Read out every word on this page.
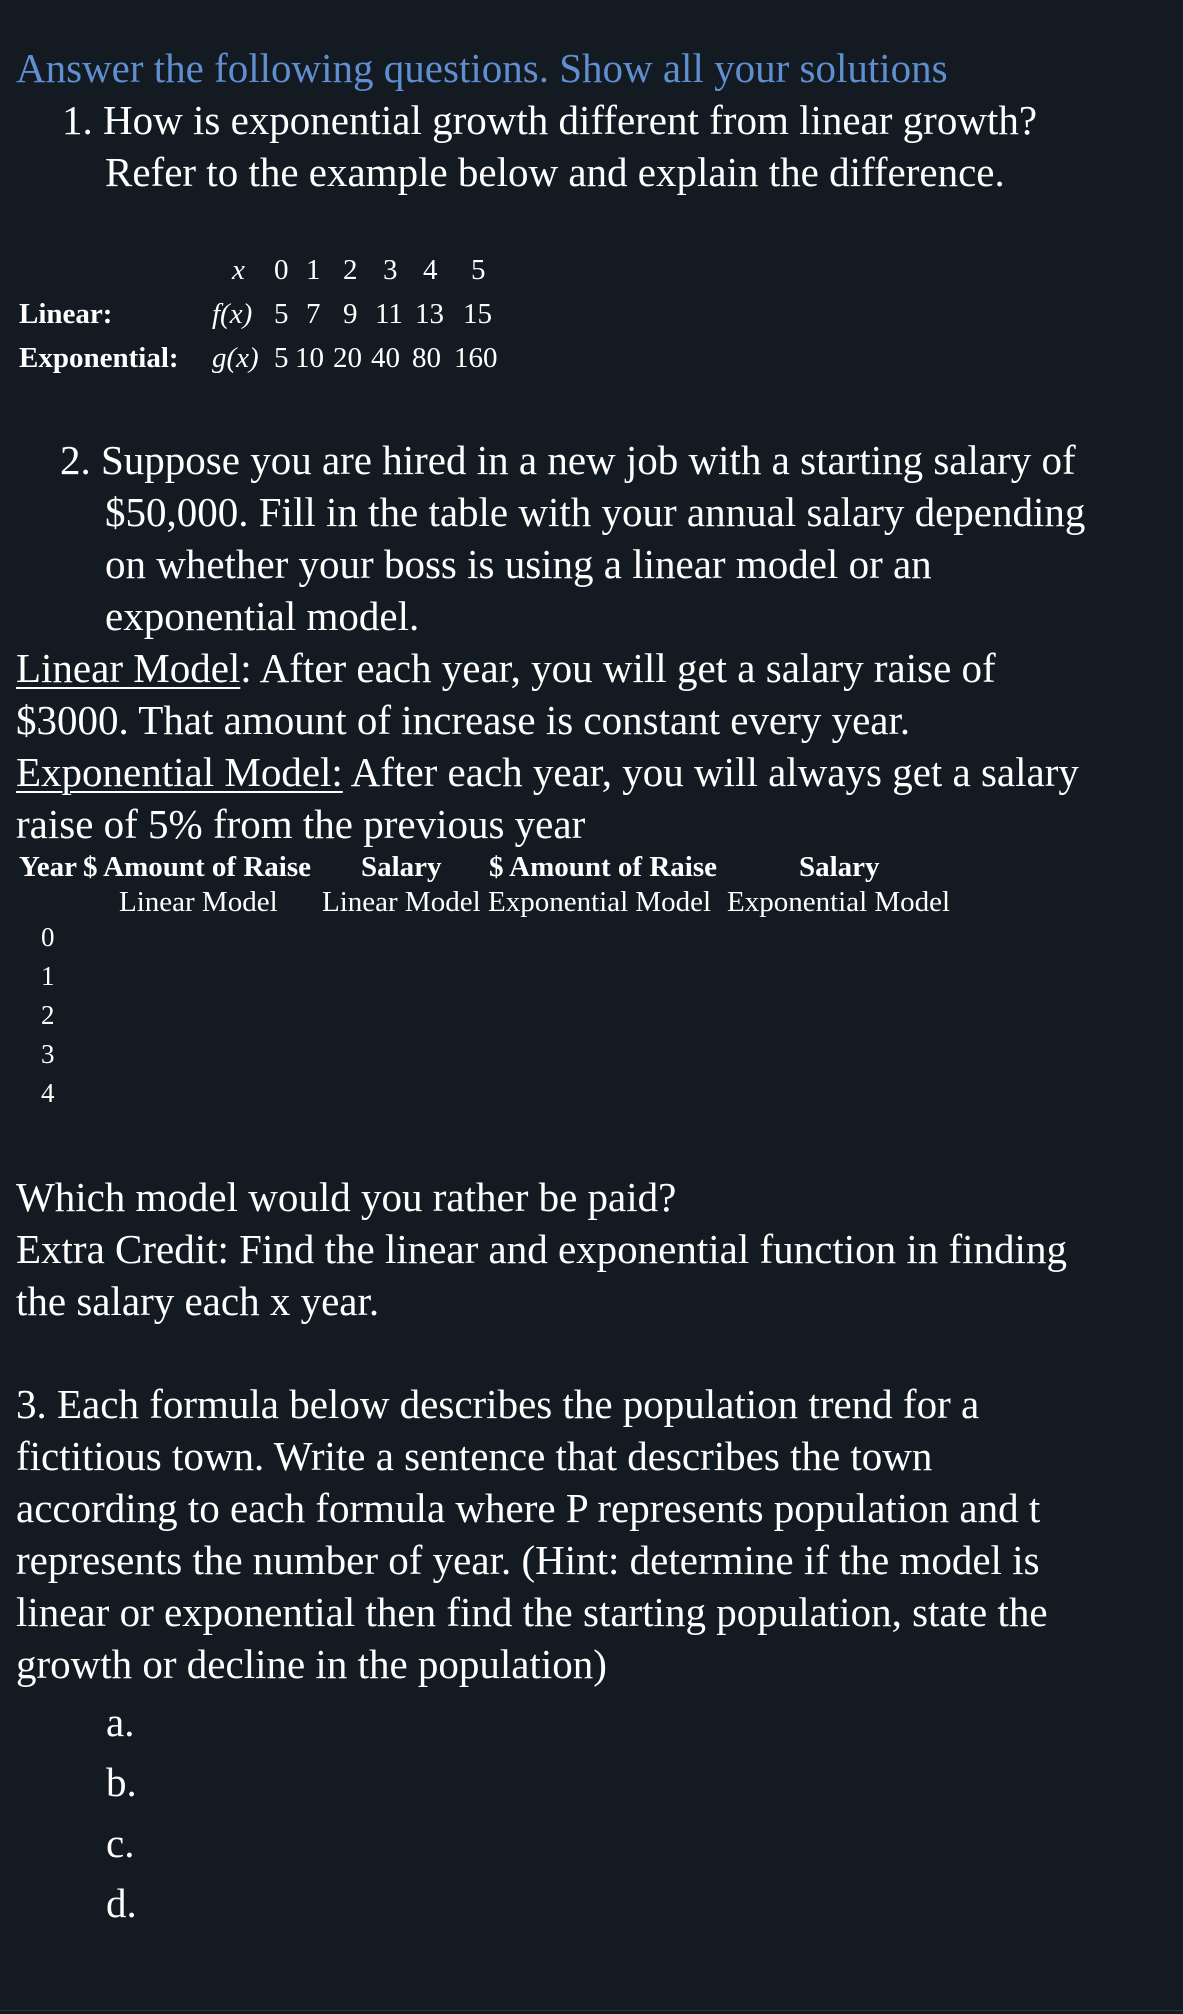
Answer the following questions. Show all your solutions
1. How is exponential growth different from linear growth?
Refer to the example below and explain the difference.
x 0 1 2 3 4 5
Linear:	f(x) 5 7 9 11 13 15
Exponential: g(x) 5 10 20 40 80 160
2. Suppose you are hired in a new job with a starting salary of
$50,000. Fill in the table with your annual salary depending
on whether your boss is using a linear model or an
exponential model.
Linear Model: After each year, you will get a salary raise of
$3000. That amount of increase is constant every year.
Exponential Model: After each year, you will always get a salary
raise of 5% from the previous year
Year $ Amount of Raise Salary $ Amount of Raise	Salary
Linear Model Linear Model Exponential Model Exponential Model
0
1
2
3
4
Which model would you rather be paid?
Extra Credit: Find the linear and exponential function in finding
the salary each x year.
3. Each formula below describes the population trend for a
fictitious town. Write a sentence that describes the town
according to each formula where P represents population and t
represents the number of year. (Hint: determine if the model is
linear or exponential then find the starting population, state the
growth or decline in the population)
a.
b.
c.
d.
